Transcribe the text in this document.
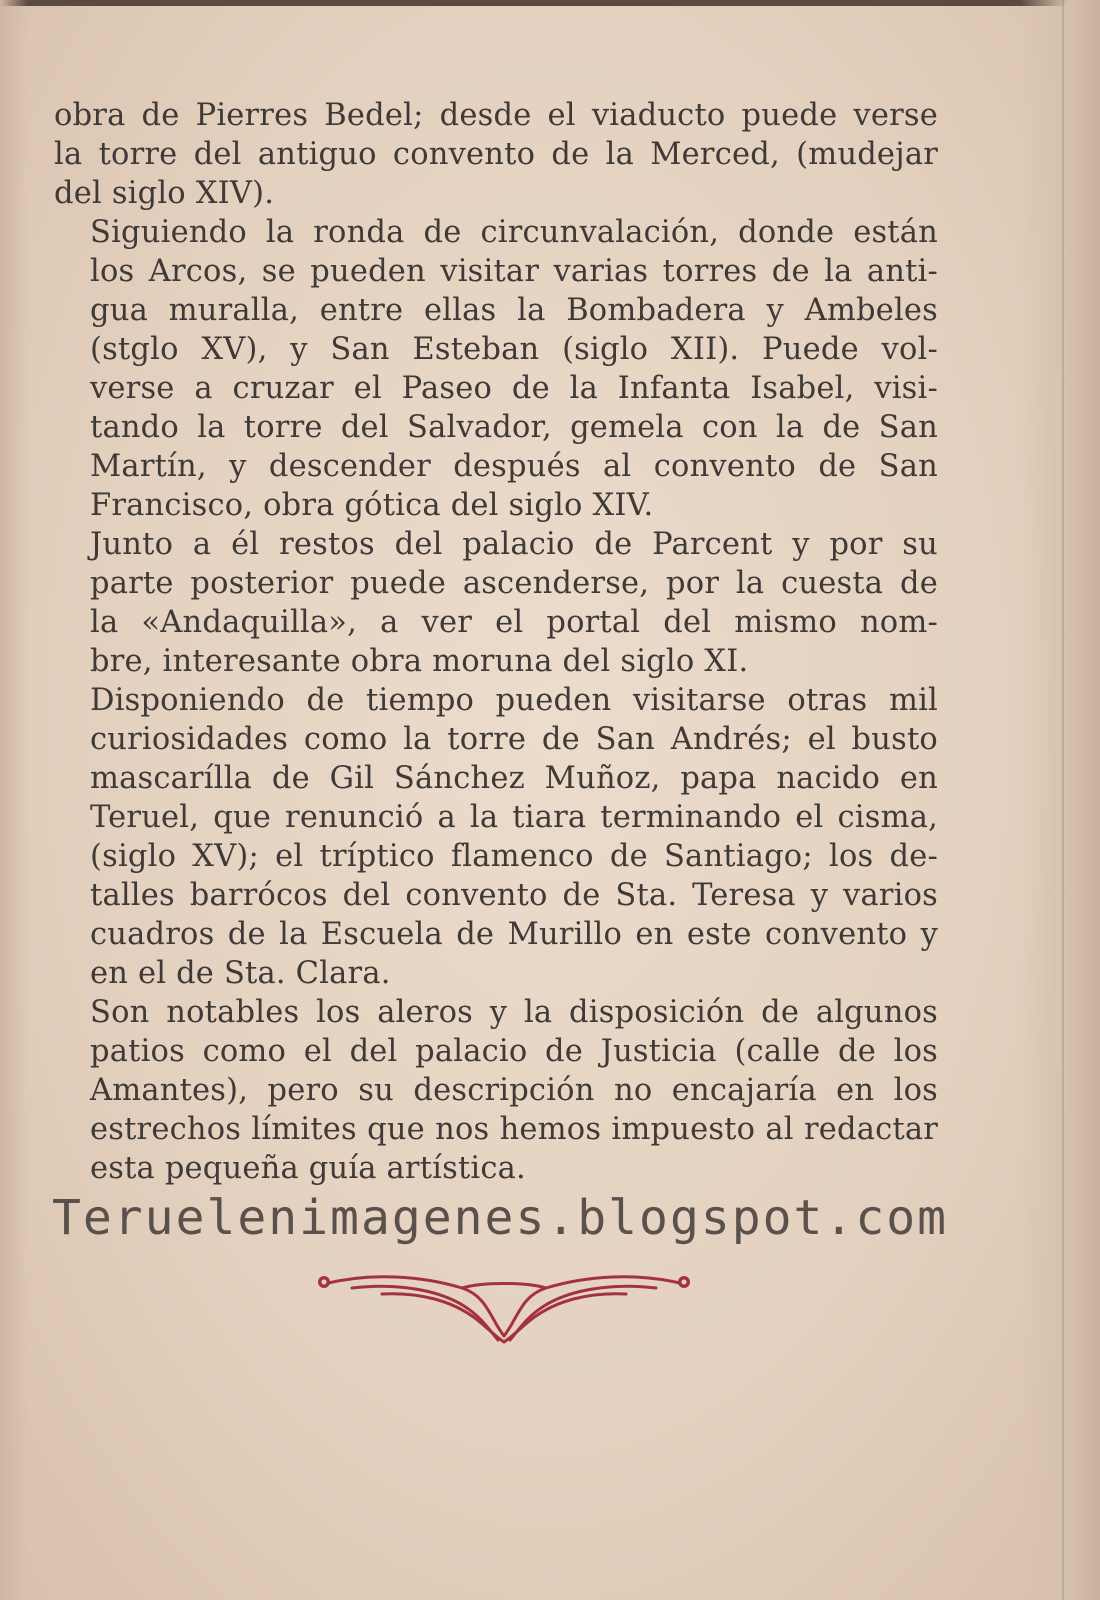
obra de Pierres Bedel; desde el viaducto puede verse
la torre del antiguo convento de la Merced, (mudejar
del siglo XIV).

Siguiendo la ronda de circunvalación, donde están
los Arcos, se pueden visitar varias torres de la anti-
gua muralla, entre ellas la Bombadera y Ambeles
(stglo XV), y San Esteban (siglo XII). Puede vol-
verse a cruzar el Paseo de la Infanta Isabel, visi-
tando la torre del Salvador, gemela con la de San
Martín, y descender después al convento de San
Francisco, obra gótica del siglo XIV.

Junto a él restos del palacio de Parcent y por su
parte posterior puede ascenderse, por la cuesta de
la «Andaquilla», a ver el portal del mismo nom-
bre, interesante obra moruna del siglo XI.

Disponiendo de tiempo pueden visitarse otras mil
curiosidades como la torre de San Andrés; el busto
mascarílla de Gil Sánchez Muñoz, papa nacido en
Teruel, que renunció a la tiara terminando el cisma,
(siglo XV); el tríptico flamenco de Santiago; los de-
talles barrócos del convento de Sta. Teresa y varios
cuadros de la Escuela de Murillo en este convento y
en el de Sta. Clara.

Son notables los aleros y la disposición de algunos
patios como el del palacio de Justicia (calle de los
Amantes), pero su descripción no encajaría en los
estrechos límites que nos hemos impuesto al redactar
esta pequeña guía artística.

Teruelenimagenes.blogspot.com
